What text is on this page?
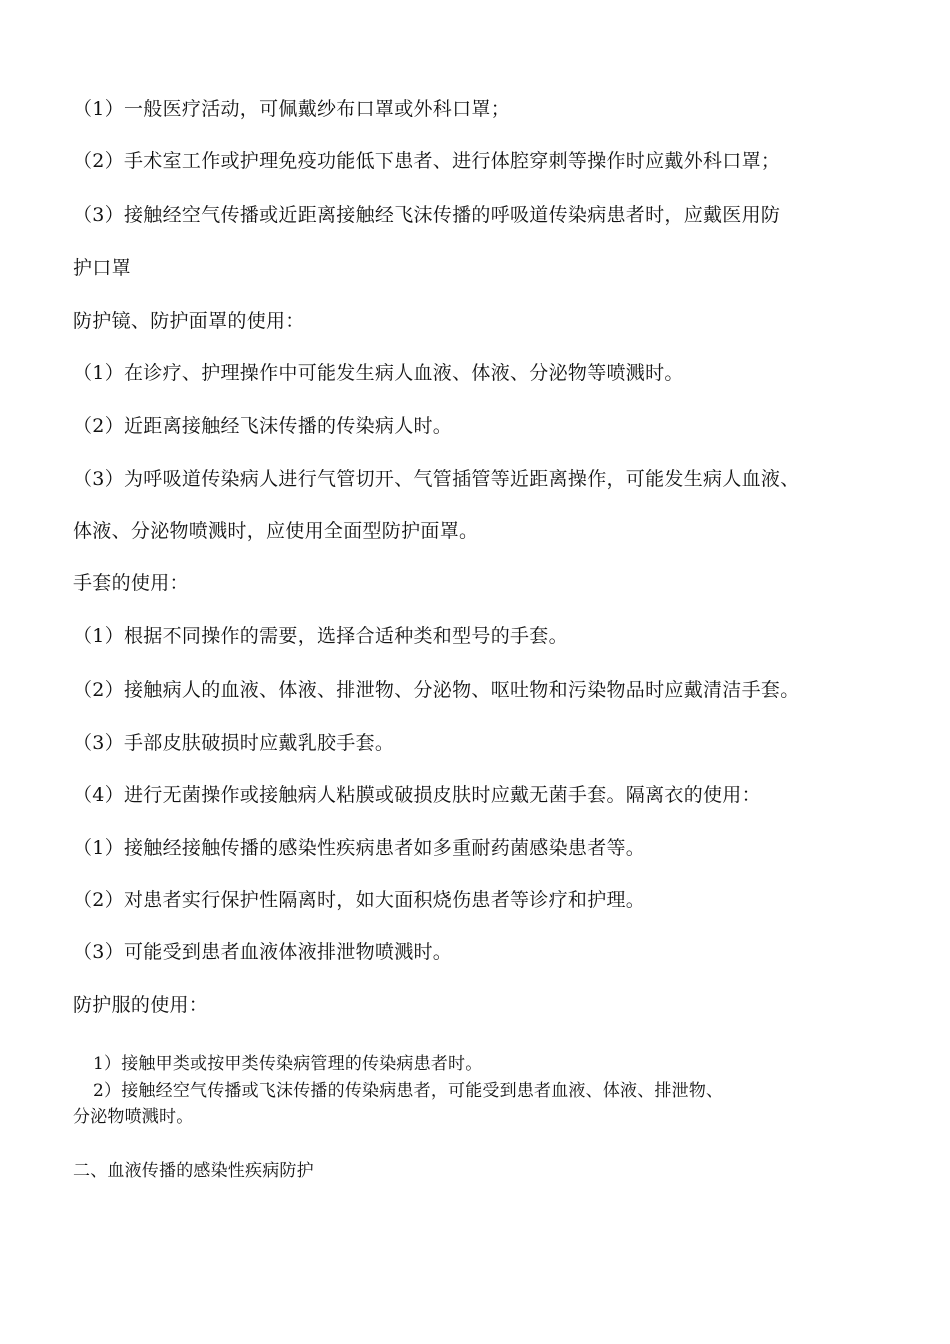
（1）一般医疗活动，可佩戴纱布口罩或外科口罩；
（2）手术室工作或护理免疫功能低下患者、进行体腔穿刺等操作时应戴外科口罩；
（3）接触经空气传播或近距离接触经飞沫传播的呼吸道传染病患者时，应戴医用防
护口罩
防护镜、防护面罩的使用：
（1）在诊疗、护理操作中可能发生病人血液、体液、分泌物等喷溅时。
（2）近距离接触经飞沫传播的传染病人时。
（3）为呼吸道传染病人进行气管切开、气管插管等近距离操作，可能发生病人血液、
体液、分泌物喷溅时，应使用全面型防护面罩。
手套的使用：
（1）根据不同操作的需要，选择合适种类和型号的手套。
（2）接触病人的血液、体液、排泄物、分泌物、呕吐物和污染物品时应戴清洁手套。
（3）手部皮肤破损时应戴乳胶手套。
（4）进行无菌操作或接触病人粘膜或破损皮肤时应戴无菌手套。隔离衣的使用：
（1）接触经接触传播的感染性疾病患者如多重耐药菌感染患者等。
（2）对患者实行保护性隔离时，如大面积烧伤患者等诊疗和护理。
（3）可能受到患者血液体液排泄物喷溅时。
防护服的使用：
1）接触甲类或按甲类传染病管理的传染病患者时。
2）接触经空气传播或飞沫传播的传染病患者，可能受到患者血液、体液、排泄物、
分泌物喷溅时。
二、血液传播的感染性疾病防护
